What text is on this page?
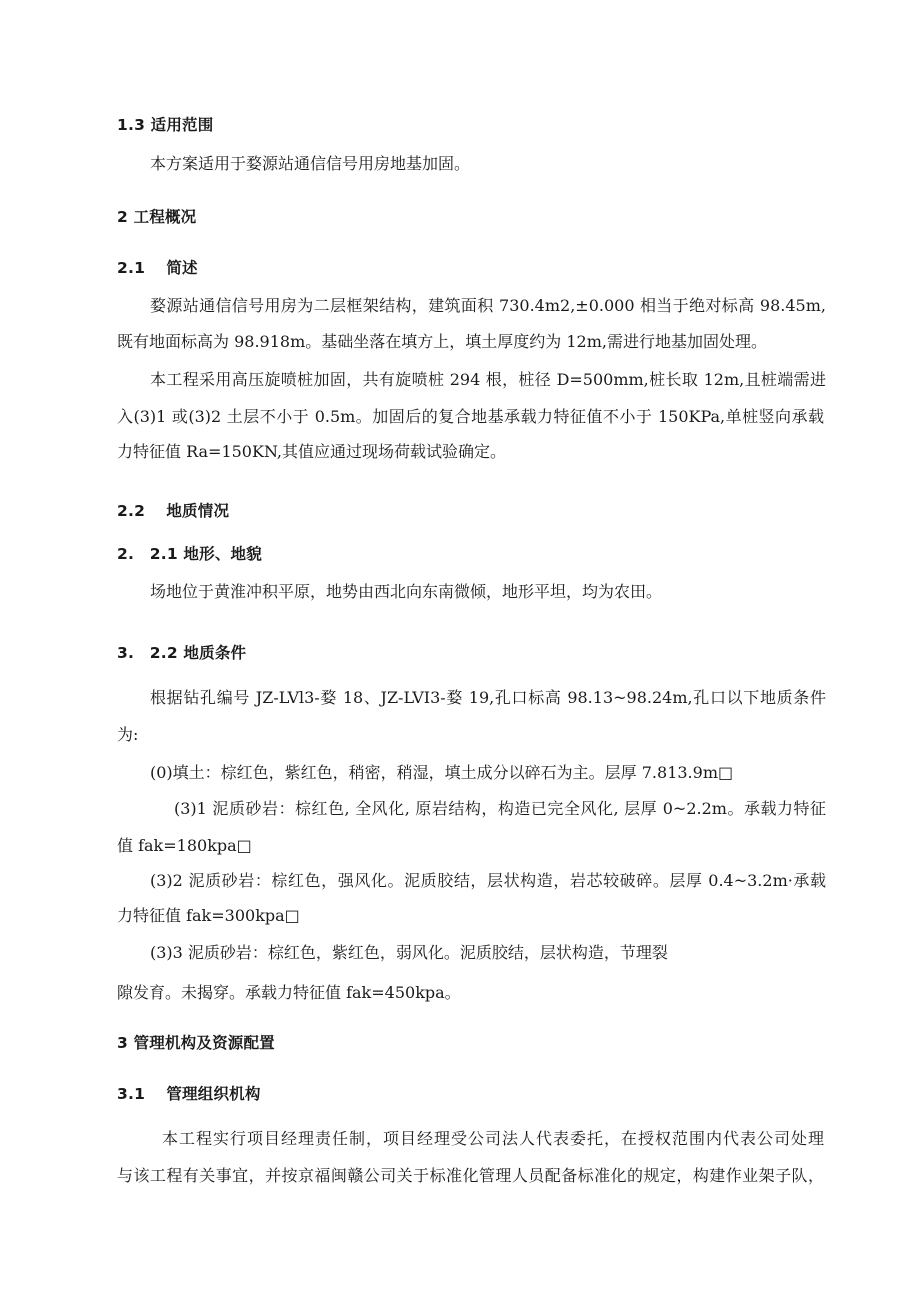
1.3 适用范围
本方案适用于婺源站通信信号用房地基加固。
2 工程概况
2.1　 简述
婺源站通信信号用房为二层框架结构，建筑面积 730.4m2,±0.000 相当于绝对标高 98.45m,
既有地面标高为 98.918m。基础坐落在填方上，填土厚度约为 12m,需进行地基加固处理。
本工程采用高压旋喷桩加固，共有旋喷桩 294 根，桩径 D=500mm,桩长取 12m,且桩端需进
入(3)1 或(3)2 土层不小于 0.5m。加固后的复合地基承载力特征值不小于 150KPa,单桩竖向承载
力特征值 Ra=150KN,其值应通过现场荷载试验确定。
2.2　 地质情况
2.　2.1 地形、地貌
场地位于黄淮冲积平原，地势由西北向东南微倾，地形平坦，均为农田。
3.　2.2 地质条件
根据钻孔编号 JZ-LVl3-婺 18、JZ-LVI3-婺 19,孔口标高 98.13~98.24m,孔口以下地质条件
为:
(0)填土：棕红色，紫红色，稍密，稍湿，填土成分以碎石为主。层厚 7.813.9m□
(3)1 泥质砂岩：棕红色, 全风化, 原岩结构，构造已完全风化, 层厚 0~2.2m。承载力特征
值 fak=180kpa□
(3)2 泥质砂岩：棕红色，强风化。泥质胶结，层状构造，岩芯较破碎。层厚 0.4~3.2m·承载
力特征值 fak=300kpa□
(3)3 泥质砂岩：棕红色，紫红色，弱风化。泥质胶结，层状构造，节理裂
隙发育。未揭穿。承载力特征值 fak=450kpa。
3 管理机构及资源配置
3.1　 管理组织机构
本工程实行项目经理责任制，项目经理受公司法人代表委托，在授权范围内代表公司处理
与该工程有关事宜，并按京福闽赣公司关于标准化管理人员配备标准化的规定，构建作业架子队，
